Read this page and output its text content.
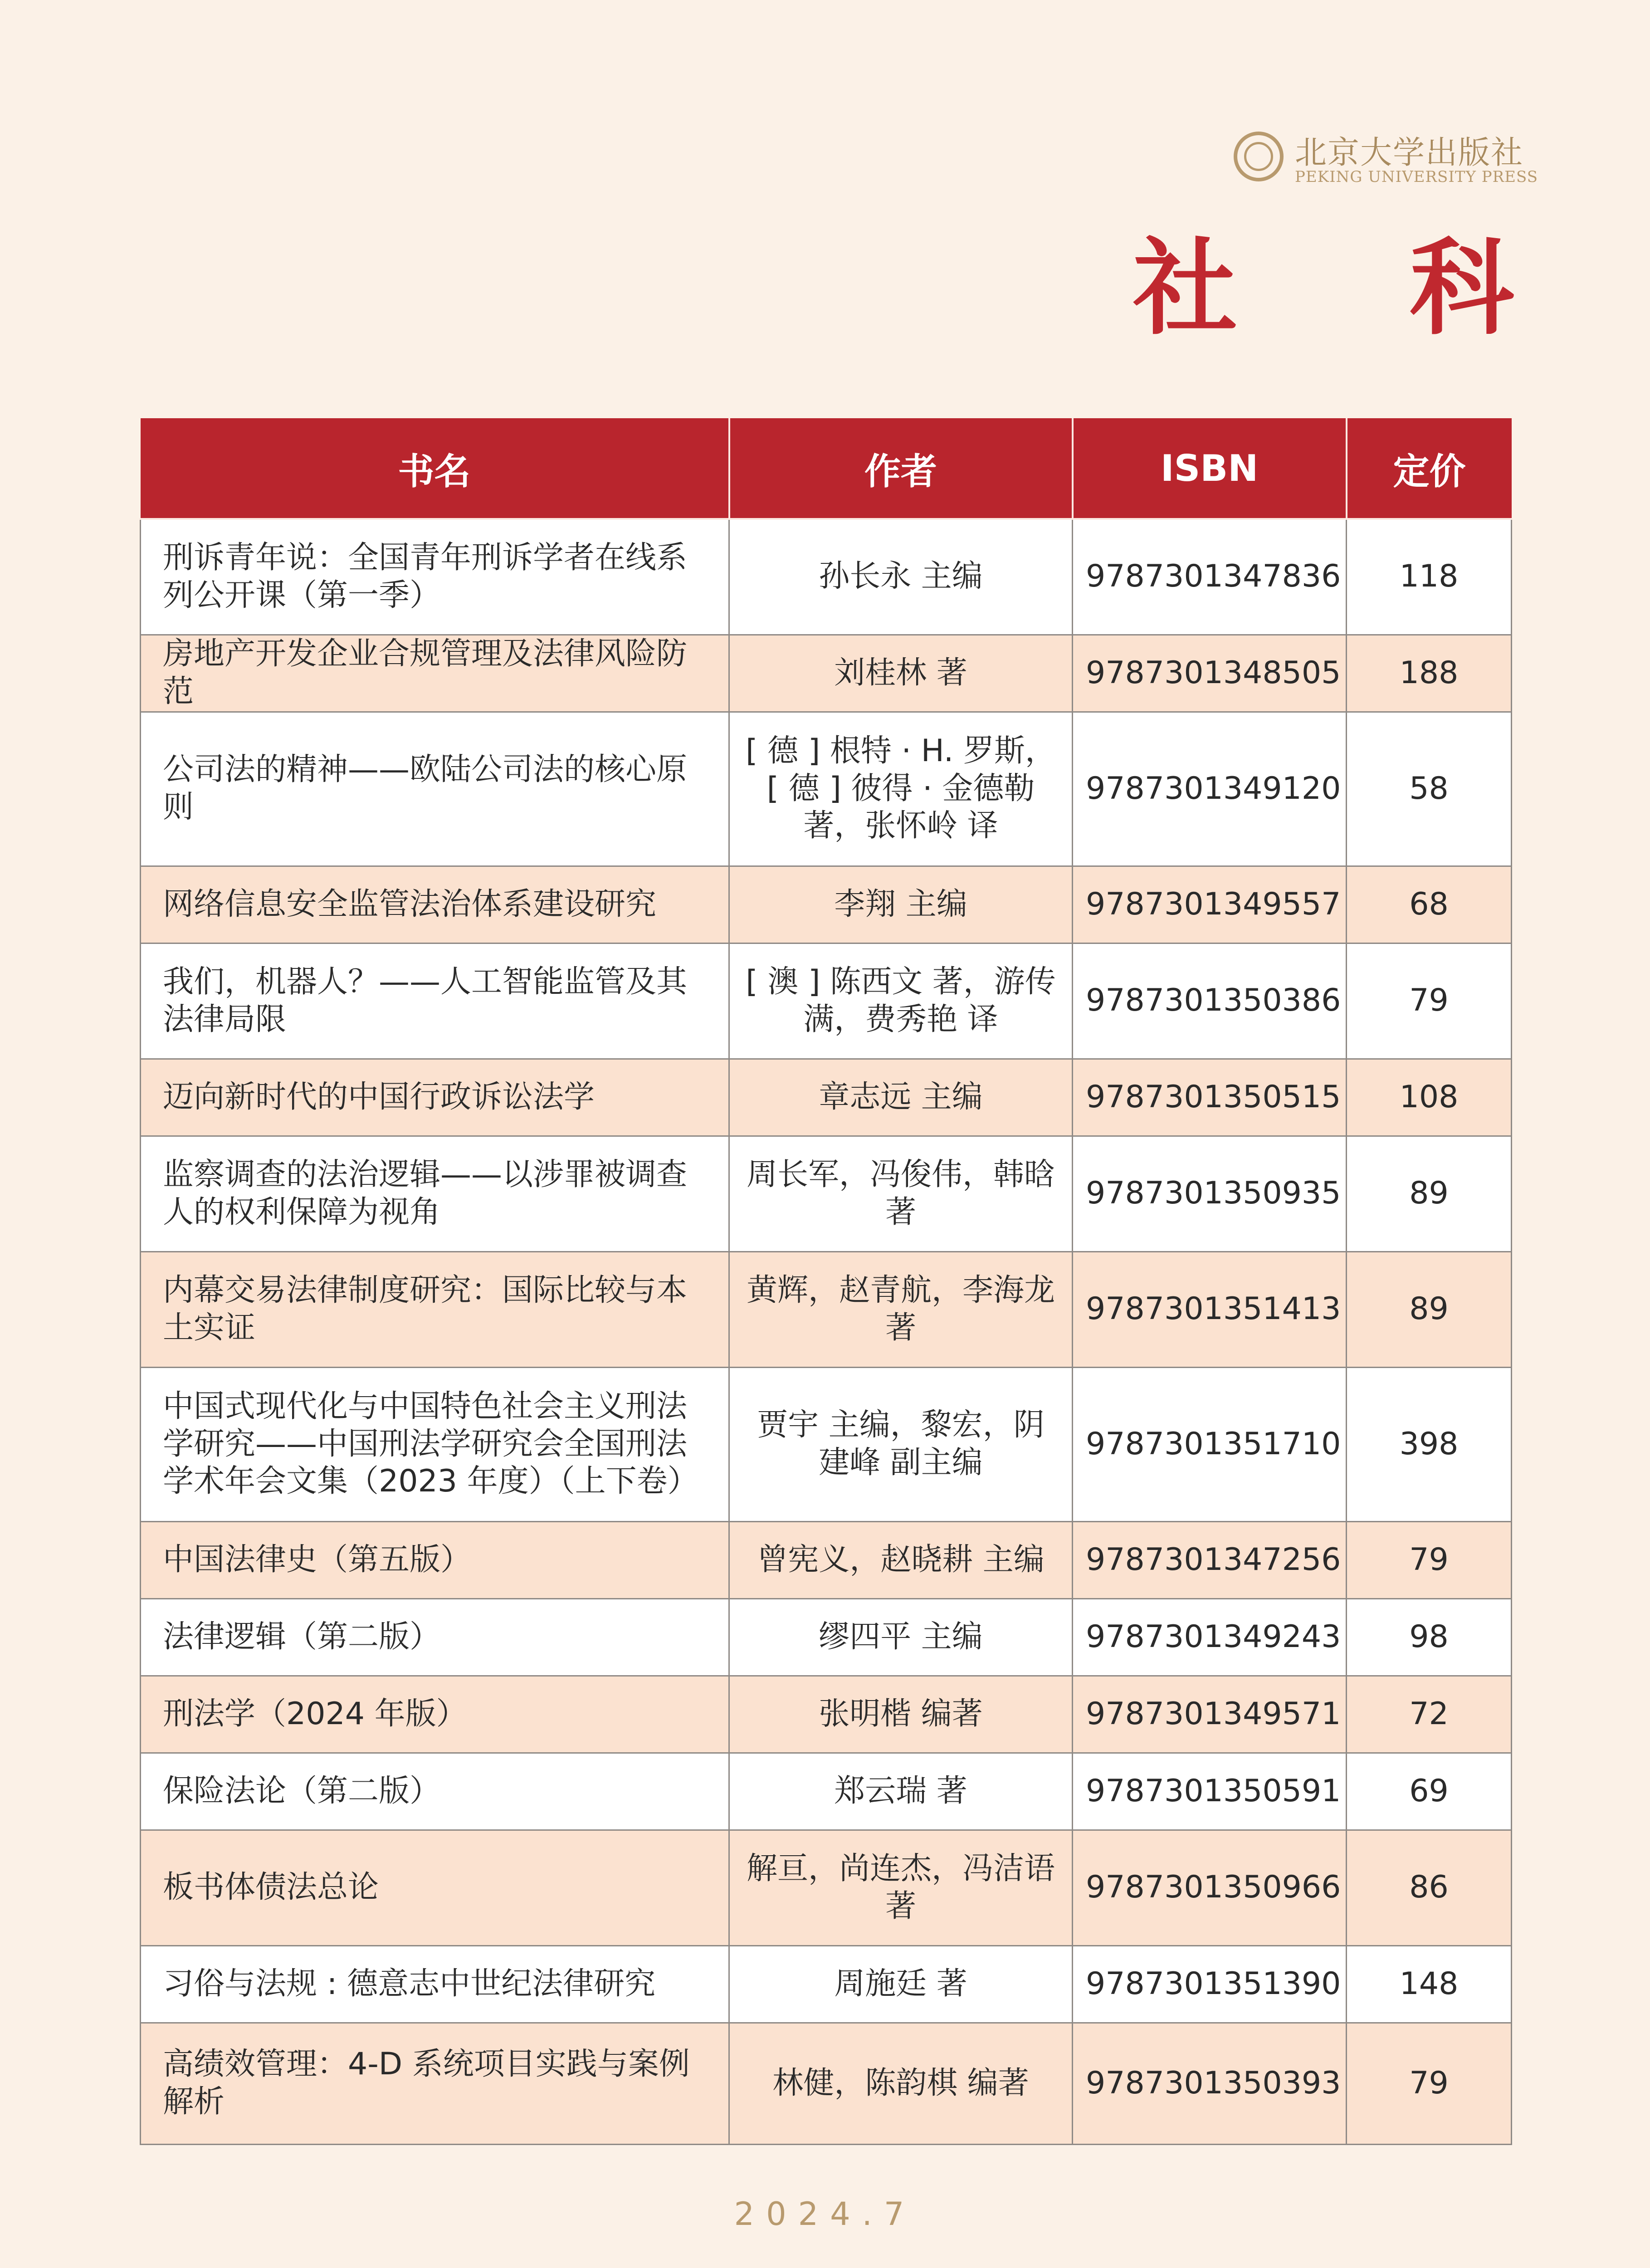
北京大学出版社
PEKING UNIVERSITY PRESS
社 科
书名	作者	ISBN	定价
刑诉青年说：全国青年刑诉学者在线系列公开课（第一季）	孙长永 主编	9787301347836	118
房地产开发企业合规管理及法律风险防范	刘桂林 著	9787301348505	188
公司法的精神——欧陆公司法的核心原则	[ 德 ] 根特 · H. 罗斯，[ 德 ] 彼得 · 金德勒 著，张怀岭 译	9787301349120	58
网络信息安全监管法治体系建设研究	李翔 主编	9787301349557	68
我们，机器人？——人工智能监管及其法律局限	[ 澳 ] 陈西文 著，游传满，费秀艳 译	9787301350386	79
迈向新时代的中国行政诉讼法学	章志远 主编	9787301350515	108
监察调查的法治逻辑——以涉罪被调查人的权利保障为视角	周长军，冯俊伟，韩晗 著	9787301350935	89
内幕交易法律制度研究：国际比较与本土实证	黄辉，赵青航，李海龙 著	9787301351413	89
中国式现代化与中国特色社会主义刑法学研究——中国刑法学研究会全国刑法学术年会文集（2023 年度）（上下卷）	贾宇 主编，黎宏，阴建峰 副主编	9787301351710	398
中国法律史（第五版）	曾宪义，赵晓耕 主编	9787301347256	79
法律逻辑（第二版）	缪四平 主编	9787301349243	98
刑法学（2024 年版）	张明楷 编著	9787301349571	72
保险法论（第二版）	郑云瑞 著	9787301350591	69
板书体债法总论	解亘，尚连杰，冯洁语 著	9787301350966	86
习俗与法规 : 德意志中世纪法律研究	周施廷 著	9787301351390	148
高绩效管理：4-D 系统项目实践与案例解析	林健，陈韵棋 编著	9787301350393	79
2024.7
